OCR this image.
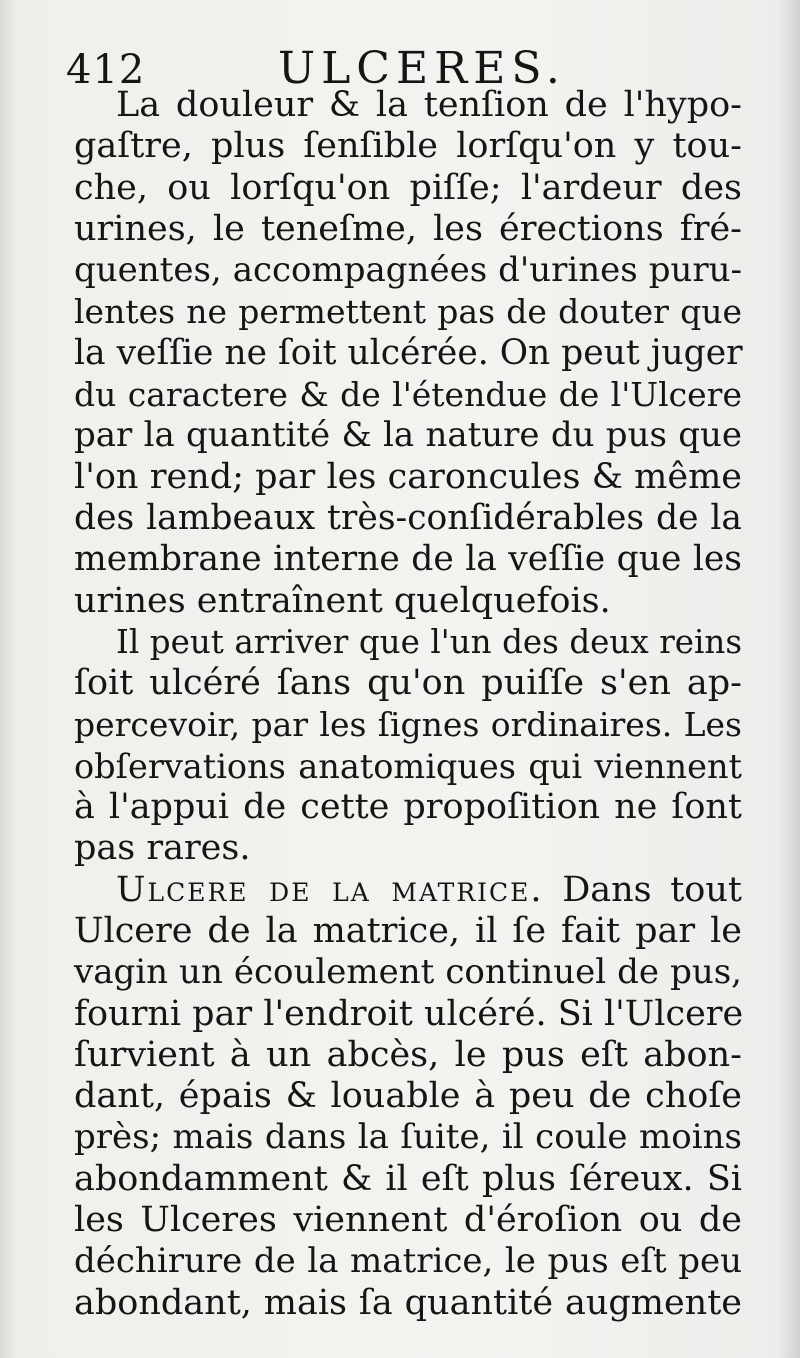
412	ULCERES.
La douleur & la tenſion de l'hypo-
gaſtre, plus ſenſible lorſqu'on y tou-
che, ou lorſqu'on piſſe; l'ardeur des
urines, le teneſme, les érections fré-
quentes, accompagnées d'urines puru-
lentes ne permettent pas de douter que
la veſſie ne ſoit ulcérée. On peut juger
du caractere & de l'étendue de l'Ulcere
par la quantité & la nature du pus que
l'on rend; par les caroncules & même
des lambeaux très-conſidérables de la
membrane interne de la veſſie que les
urines entraînent quelquefois.
Il peut arriver que l'un des deux reins
ſoit ulcéré ſans qu'on puiſſe s'en ap-
percevoir, par les ſignes ordinaires. Les
obſervations anatomiques qui viennent
à l'appui de cette propoſition ne ſont
pas rares.
Ulcere de la matrice. Dans tout
Ulcere de la matrice, il ſe fait par le
vagin un écoulement continuel de pus,
fourni par l'endroit ulcéré. Si l'Ulcere
ſurvient à un abcès, le pus eſt abon-
dant, épais & louable à peu de choſe
près; mais dans la ſuite, il coule moins
abondamment & il eſt plus ſéreux. Si
les Ulceres viennent d'éroſion ou de
déchirure de la matrice, le pus eſt peu
abondant, mais ſa quantité augmente
